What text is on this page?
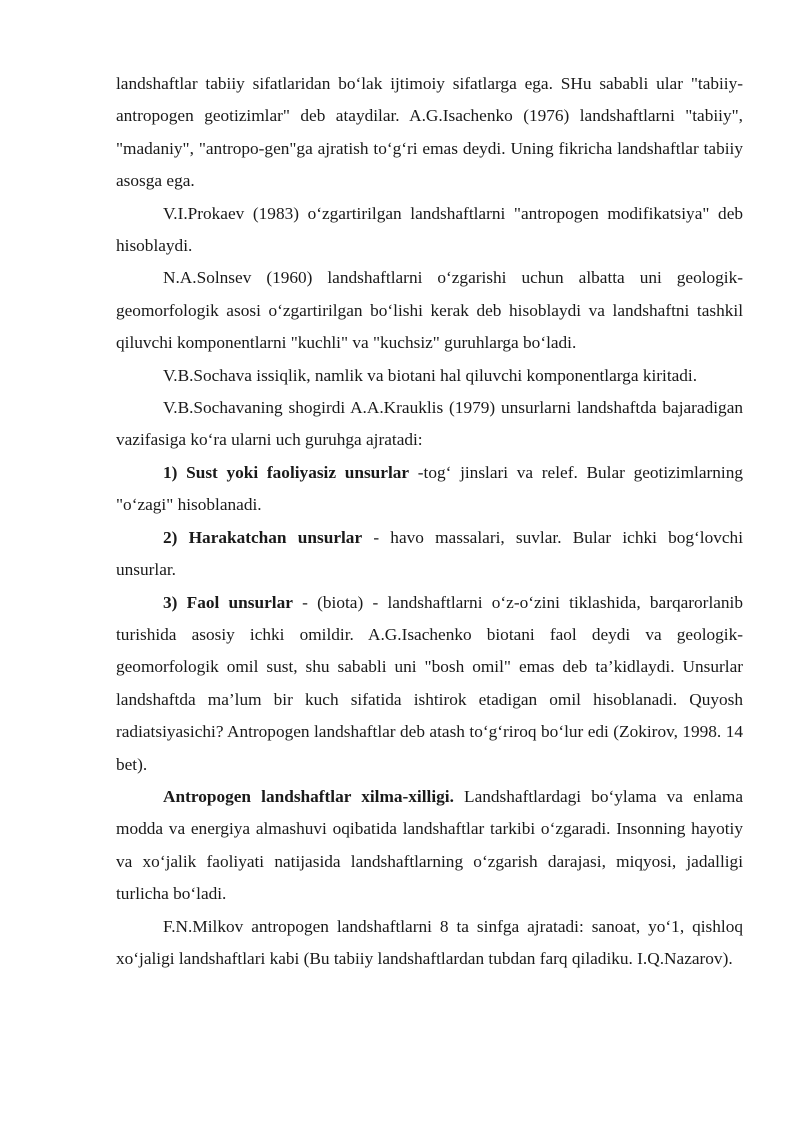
landshaftlar tabiiy sifatlaridan bo‘lak ijtimoiy sifatlarga ega. SHu sababli ular "tabiiy-antropogen geotizimlar" deb ataydilar. A.G.Isachenko (1976) landshaftlarni "tabiiy", "madaniy", "antropo-gen"ga ajratish to‘g‘ri emas deydi. Uning fikricha landshaftlar tabiiy asosga ega.

V.I.Prokaev (1983) o‘zgartirilgan landshaftlarni "antropogen modifikatsiya" deb hisoblaydi.

N.A.Solnsev (1960) landshaftlarni o‘zgarishi uchun albatta uni geologik-geomorfologik asosi o‘zgartirilgan bo‘lishi kerak deb hisoblaydi va landshaftni tashkil qiluvchi komponentlarni "kuchli" va "kuchsiz" guruhlarga bo‘ladi.

V.B.Sochava issiqlik, namlik va biotani hal qiluvchi komponentlarga kiritadi.

V.B.Sochavaning shogirdi A.A.Krauklis (1979) unsurlarni landshaftda bajaradigan vazifasiga ko‘ra ularni uch guruhga ajratadi:

1) Sust yoki faoliyasiz unsurlar -tog‘ jinslari va relef. Bular geotizimlarning "o‘zagi" hisoblanadi.

2) Harakatchan unsurlar - havo massalari, suvlar. Bular ichki bog‘lovchi unsurlar.

3) Faol unsurlar - (biota) - landshaftlarni o‘z-o‘zini tiklashida, barqarorlanib turishida asosiy ichki omildir. A.G.Isachenko biotani faol deydi va geologik-geomorfologik omil sust, shu sababli uni "bosh omil" emas deb ta’kidlaydi. Unsurlar landshaftda ma’lum bir kuch sifatida ishtirok etadigan omil hisoblanadi. Quyosh radiatsiyasichi? Antropogen landshaftlar deb atash to‘g‘riroq bo‘lur edi (Zokirov, 1998. 14 bet).

Antropogen landshaftlar xilma-xilligi. Landshaftlardagi bo‘ylama va enlama modda va energiya almashuvi oqibatida landshaftlar tarkibi o‘zgaradi. Insonning hayotiy va xo‘jalik faoliyati natijasida landshaftlarning o‘zgarish darajasi, miqyosi, jadalligi turlicha bo‘ladi.

F.N.Milkov antropogen landshaftlarni 8 ta sinfga ajratadi: sanoat, yo‘1, qishloq xo‘jaligi landshaftlari kabi (Bu tabiiy landshaftlardan tubdan farq qiladiku. I.Q.Nazarov).
